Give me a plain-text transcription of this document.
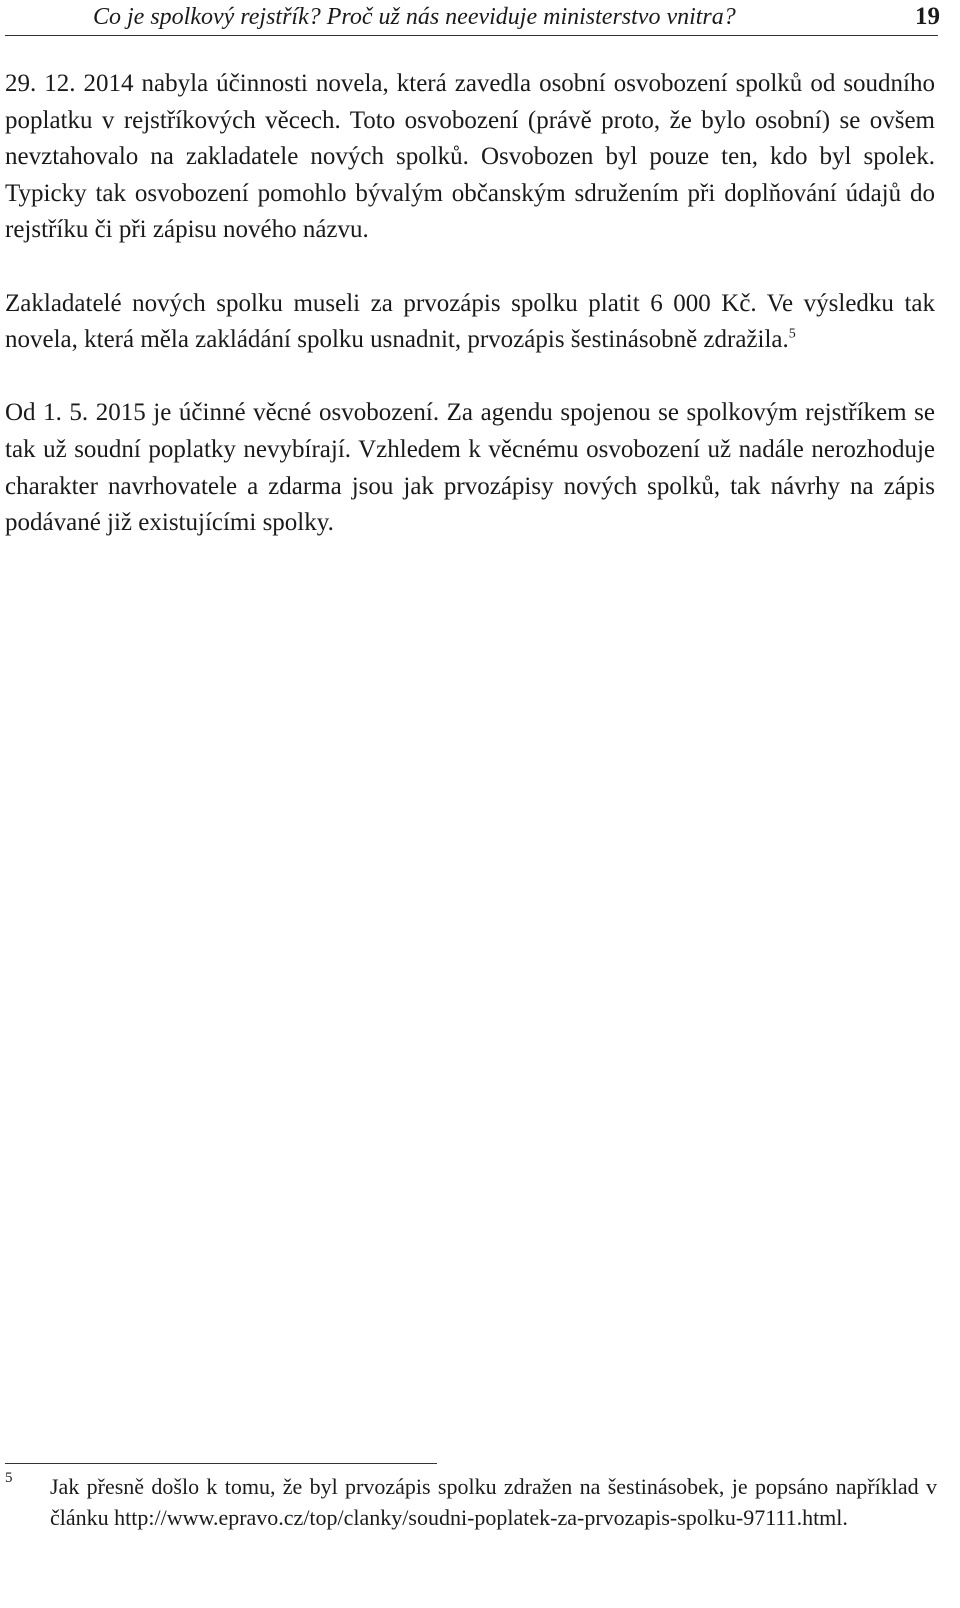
Co je spolkový rejstřík? Proč už nás neeviduje ministerstvo vnitra?	19

29. 12. 2014 nabyla účinnosti novela, která zavedla osobní osvobození spolků od soudního poplatku v rejstříkových věcech. Toto osvobození (právě proto, že bylo osobní) se ovšem nevztahovalo na zakladatele nových spolků. Osvobozen byl pouze ten, kdo byl spolek. Typicky tak osvobození pomohlo bývalým občanským sdružením při doplňování údajů do rejstříku či při zápisu nového názvu.

Zakladatelé nových spolku museli za prvozápis spolku platit 6 000 Kč. Ve výsledku tak novela, která měla zakládání spolku usnadnit, prvozápis šestinásobně zdražila.$^5$

Od 1. 5. 2015 je účinné věcné osvobození. Za agendu spojenou se spolkovým rejstříkem se tak už soudní poplatky nevybírají. Vzhledem k věcnému osvobození už nadále nerozhoduje charakter navrhovatele a zdarma jsou jak prvozápisy nových spolků, tak návrhy na zápis podávané již existujícími spolky.

5 Jak přesně došlo k tomu, že byl prvozápis spolku zdražen na šestinásobek, je popsáno například v článku http://www.epravo.cz/top/clanky/soudni-poplatek-za-prvozapis-spolku-97111.html.
